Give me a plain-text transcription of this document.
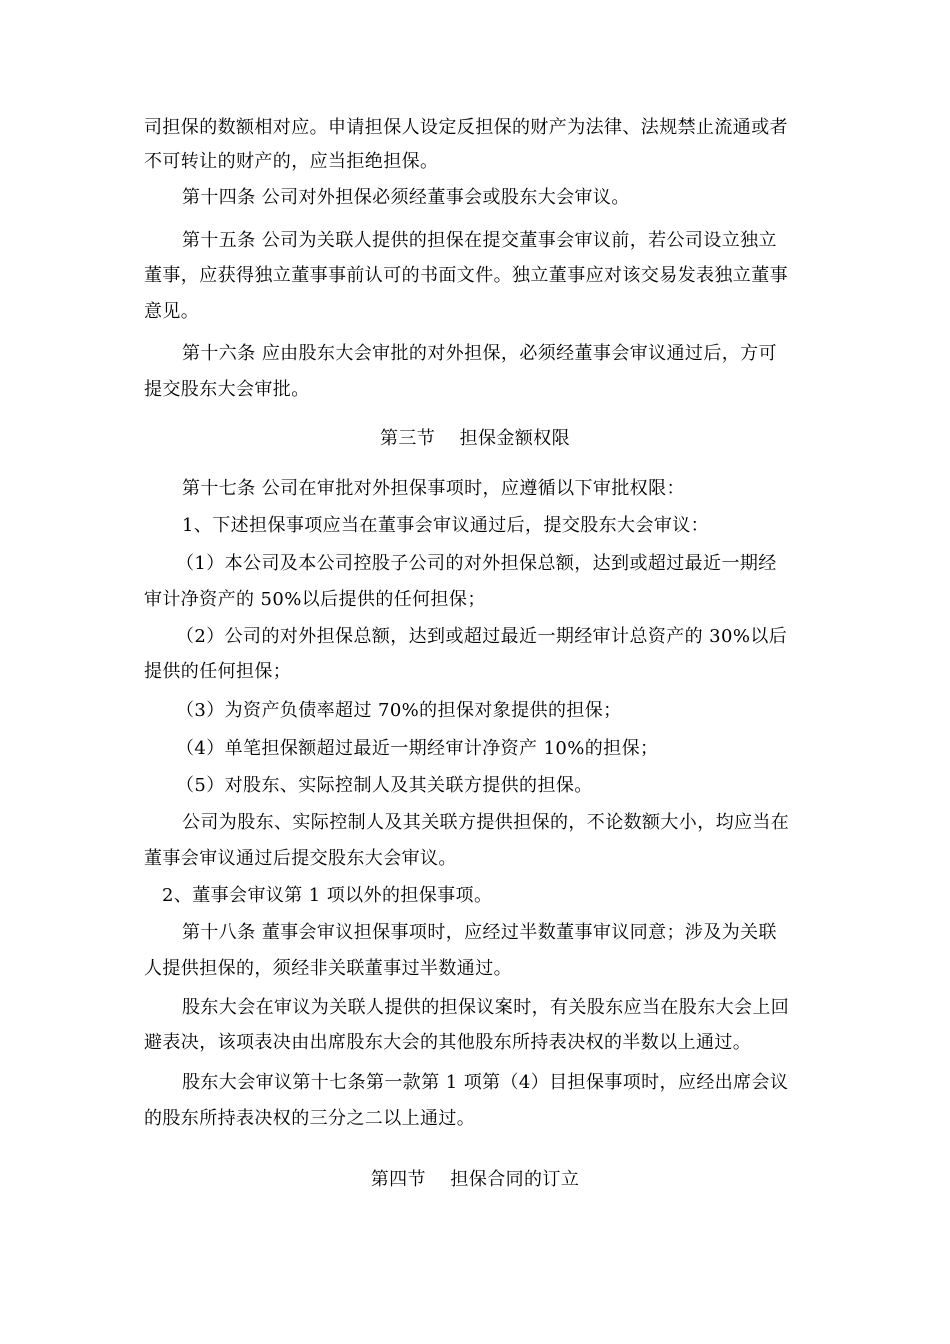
司担保的数额相对应。申请担保人设定反担保的财产为法律、法规禁止流通或者
不可转让的财产的，应当拒绝担保。
第十四条 公司对外担保必须经董事会或股东大会审议。
第十五条 公司为关联人提供的担保在提交董事会审议前，若公司设立独立
董事，应获得独立董事事前认可的书面文件。独立董事应对该交易发表独立董事
意见。
第十六条 应由股东大会审批的对外担保，必须经董事会审议通过后，方可
提交股东大会审批。
第三节    担保金额权限
第十七条 公司在审批对外担保事项时，应遵循以下审批权限：
1、下述担保事项应当在董事会审议通过后，提交股东大会审议：
（1）本公司及本公司控股子公司的对外担保总额，达到或超过最近一期经
审计净资产的 50%以后提供的任何担保；
（2）公司的对外担保总额，达到或超过最近一期经审计总资产的 30%以后
提供的任何担保；
（3）为资产负债率超过 70%的担保对象提供的担保；
（4）单笔担保额超过最近一期经审计净资产 10%的担保；
（5）对股东、实际控制人及其关联方提供的担保。
公司为股东、实际控制人及其关联方提供担保的，不论数额大小，均应当在
董事会审议通过后提交股东大会审议。
2、董事会审议第 1 项以外的担保事项。
第十八条 董事会审议担保事项时，应经过半数董事审议同意；涉及为关联
人提供担保的，须经非关联董事过半数通过。
股东大会在审议为关联人提供的担保议案时，有关股东应当在股东大会上回
避表决，该项表决由出席股东大会的其他股东所持表决权的半数以上通过。
股东大会审议第十七条第一款第 1 项第（4）目担保事项时，应经出席会议
的股东所持表决权的三分之二以上通过。
第四节    担保合同的订立
